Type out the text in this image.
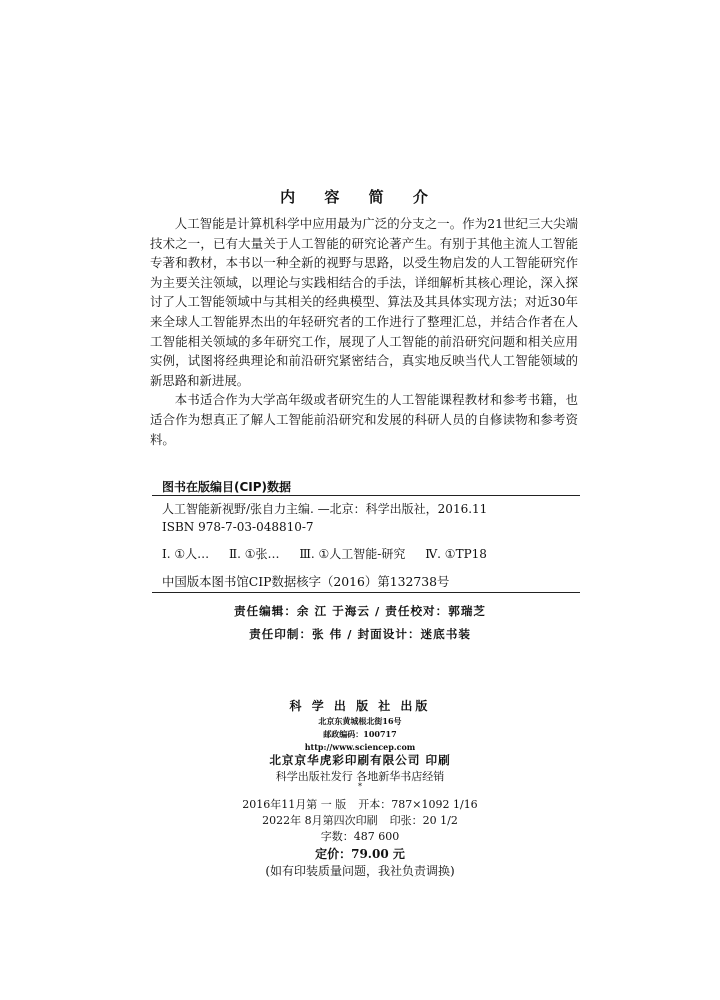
内 容 简 介

人工智能是计算机科学中应用最为广泛的分支之一。作为21世纪三大尖端技术之一，已有大量关于人工智能的研究论著产生。有别于其他主流人工智能专著和教材，本书以一种全新的视野与思路，以受生物启发的人工智能研究作为主要关注领域，以理论与实践相结合的手法，详细解析其核心理论，深入探讨了人工智能领域中与其相关的经典模型、算法及其具体实现方法；对近30年来全球人工智能界杰出的年轻研究者的工作进行了整理汇总，并结合作者在人工智能相关领域的多年研究工作，展现了人工智能的前沿研究问题和相关应用实例，试图将经典理论和前沿研究紧密结合，真实地反映当代人工智能领域的新思路和新进展。

本书适合作为大学高年级或者研究生的人工智能课程教材和参考书籍，也适合作为想真正了解人工智能前沿研究和发展的科研人员的自修读物和参考资料。

图书在版编目(CIP)数据
人工智能新视野/张自力主编. —北京：科学出版社，2016.11
ISBN 978-7-03-048810-7
Ⅰ. ①人… Ⅱ. ①张… Ⅲ. ①人工智能-研究 Ⅳ. ①TP18
中国版本图书馆CIP数据核字（2016）第132738号
责任编辑：余 江 于海云 / 责任校对：郭瑞芝
责任印制：张 伟 / 封面设计：迷底书装
科 学 出 版 社 出版
北京东黄城根北街16号
邮政编码：100717
http://www.sciencep.com
北京京华虎彩印刷有限公司 印刷
科学出版社发行 各地新华书店经销
*
2016年11月第 一 版 开本：787×1092 1/16
2022年 8月第四次印刷 印张：20 1/2
字数：487 600
定价：79.00 元
(如有印装质量问题，我社负责调换)
